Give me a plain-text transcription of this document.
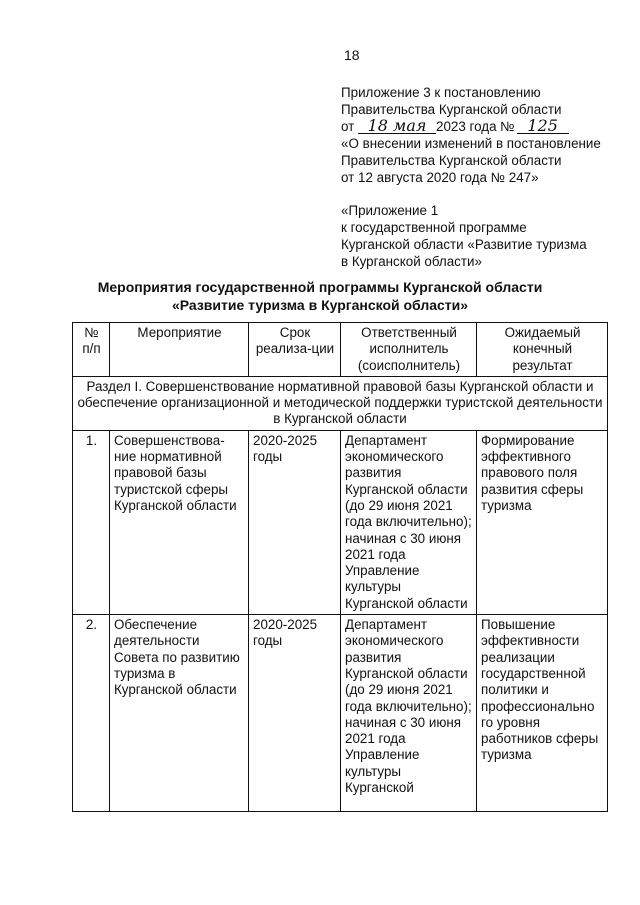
18
Приложение 3 к постановлению
Правительства Курганской области
от 18 мая 2023 года № 125
«О внесении изменений в постановление
Правительства Курганской области
от 12 августа 2020 года № 247»
«Приложение 1
к государственной программе
Курганской области «Развитие туризма
в Курганской области»
Мероприятия государственной программы Курганской области «Развитие туризма в Курганской области»
№ п/п	Мероприятие	Срок реализа-ции	Ответственный исполнитель (соисполнитель)	Ожидаемый конечный результат
Раздел I. Совершенствование нормативной правовой базы Курганской области и обеспечение организационной и методической поддержки туристской деятельности в Курганской области				
1.	Совершенствова-ние нормативной правовой базы туристской сферы Курганской области	2020-2025 годы	Департамент экономического развития Курганской области (до 29 июня 2021 года включительно); начиная с 30 июня 2021 года Управление культуры Курганской области	Формирование эффективного правового поля развития сферы туризма
2.	Обеспечение деятельности Совета по развитию туризма в Курганской области	2020-2025 годы	Департамент экономического развития Курганской области (до 29 июня 2021 года включительно); начиная с 30 июня 2021 года Управление культуры Курганской	Повышение эффективности реализации государственной политики и профессионально го уровня работников сферы туризма
